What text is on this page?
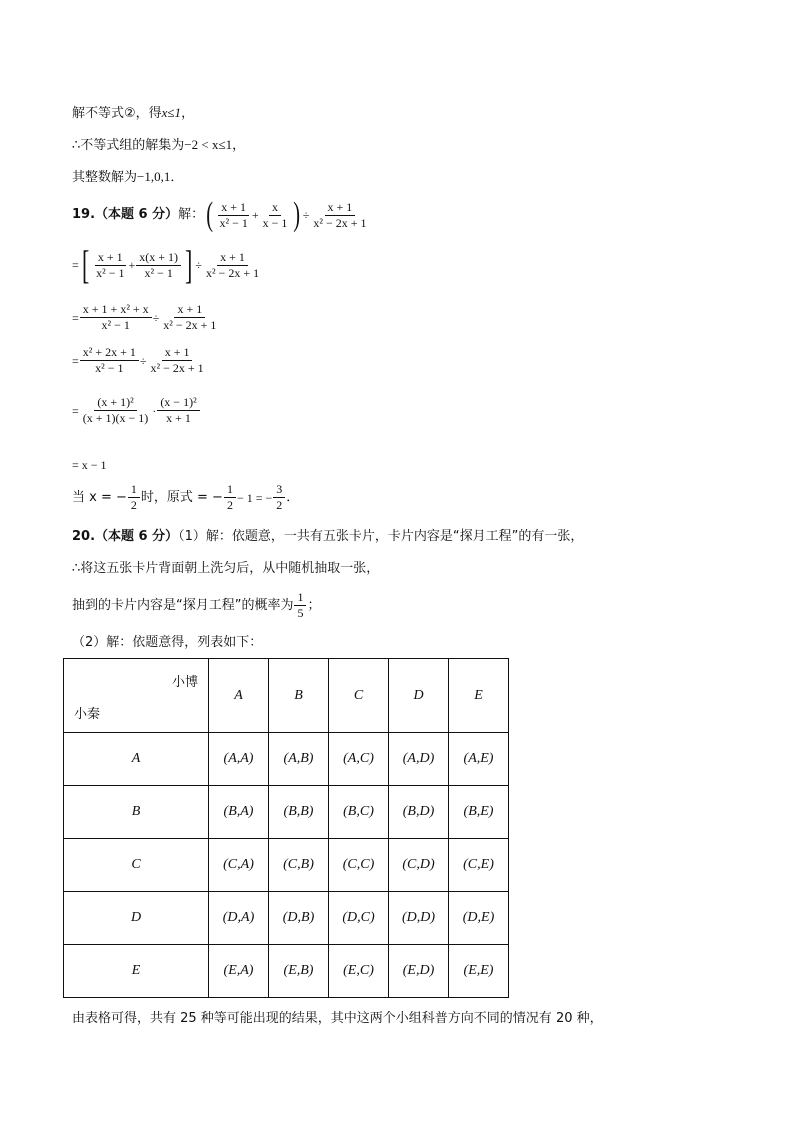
解不等式②，得x≤1，
∴不等式组的解集为−2 < x≤1，
其整数解为−1,0,1．
19.（本题 6 分） 解： ( $\frac{x + 1}{\text{x² − 1}} + \frac{x}{x - 1}$ ) ÷ $\frac{x + 1}{\text{x² − 2x + 1}}$
= [ $\frac{x + 1}{\text{x² − 1}} + \frac{x(x + 1)}{\text{x² − 1}}$ ] ÷ $\frac{x + 1}{\text{x² − 2x + 1}}$
= $\frac{\text{x + 1 + x² + x}}{\text{x² − 1}} \div \frac{x + 1}{\text{x² − 2x + 1}}$
= $\frac{\text{x² + 2x + 1}}{\text{x² − 1}} \div \frac{x + 1}{\text{x² − 2x + 1}}$
= $\frac{\text{(x + 1)²}}{(x + 1)(x - 1)} \cdot \frac{\text{(x − 1)²}}{x + 1}$
= x − 1
当 x = − $\frac{1}{2}$ 时，原式 = − $\frac{1}{2} - 1$ = − $\frac{3}{2}$ ．
20.（本题 6 分）（1）解：依题意，一共有五张卡片，卡片内容是“探月工程”的有一张，
∴将这五张卡片背面朝上洗匀后，从中随机抽取一张，
抽到的卡片内容是“探月工程”的概率为 $\frac{1}{5}$ ；
（2）解：依题意得，列表如下：
小博
小秦	A	B	C	D	E
A	(A,A)	(A,B)	(A,C)	(A,D)	(A,E)
B	(B,A)	(B,B)	(B,C)	(B,D)	(B,E)
C	(C,A)	(C,B)	(C,C)	(C,D)	(C,E)
D	(D,A)	(D,B)	(D,C)	(D,D)	(D,E)
E	(E,A)	(E,B)	(E,C)	(E,D)	(E,E)
由表格可得，共有 25 种等可能出现的结果，其中这两个小组科普方向不同的情况有 20 种，
